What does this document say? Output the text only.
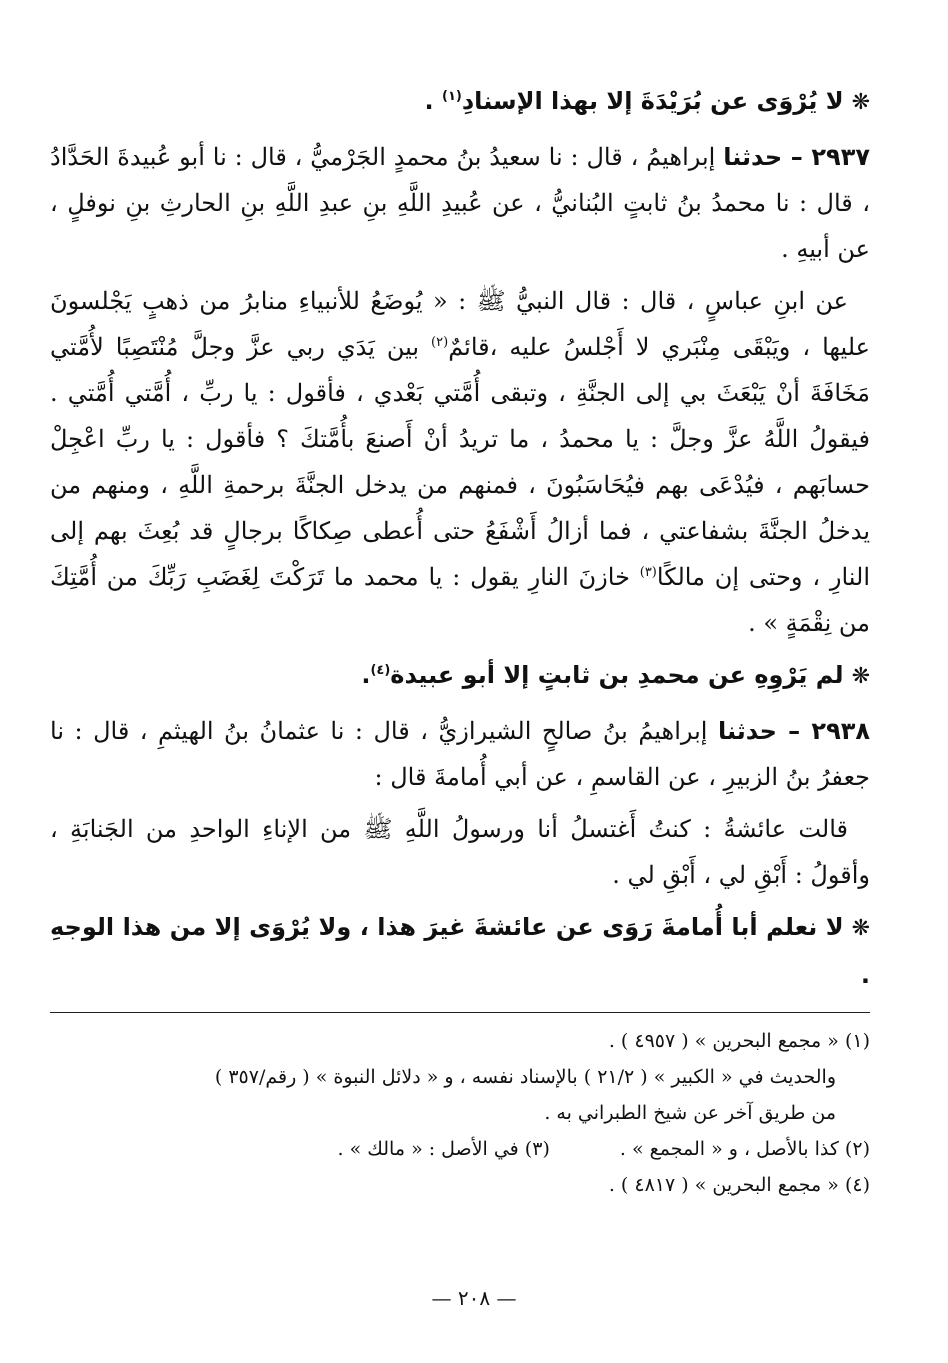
❋لا يُرْوَى عن بُرَيْدَةَ إلا بهذا الإسنادِ$^{(١)}$ .

٢٩٣٧ – حدثنا إبراهيمُ ، قال : نا سعيدُ بنُ محمدٍ الجَرْميُّ ، قال : نا أبو عُبيدةَ الحَدَّادُ ، قال : نا محمدُ بنُ ثابتٍ البُنانيُّ ، عن عُبيدِ اللَّهِ بنِ عبدِ اللَّهِ بنِ الحارثِ بنِ نوفلٍ ، عن أبيهِ .

عن ابنِ عباسٍ ، قال : قال النبيُّ ﷺ : « يُوضَعُ للأنبياءِ منابرُ من ذهبٍ يَجْلسونَ عليها ، ويَبْقَى مِنْبَري لا أَجْلسُ عليه ،قائمٌ$^{(٢)}$ بين يَدَي ربي عزَّ وجلَّ مُنْتَصِبًا لأُمَّتي مَخَافَةَ أنْ يَبْعَثَ بي إلى الجنَّةِ ، وتبقى أُمَّتي بَعْدي ، فأقول : يا ربِّ ، أُمَّتي أُمَّتي . فيقولُ اللَّهُ عزَّ وجلَّ : يا محمدُ ، ما تريدُ أنْ أَصنعَ بأُمَّتكَ ؟ فأقول : يا ربِّ اعْجِلْ حسابَهم ، فيُدْعَى بهم فيُحَاسَبُونَ ، فمنهم من يدخل الجنَّةَ برحمةِ اللَّهِ ، ومنهم من يدخلُ الجنَّةَ بشفاعتي ، فما أزالُ أَشْفَعُ حتى أُعطى صِكاكًا برجالٍ قد بُعِثَ بهم إلى النارِ ، وحتى إن مالكًا$^{(٣)}$ خازنَ النارِ يقول : يا محمد ما تَرَكْتَ لِغَضَبِ رَبِّكَ من أُمَّتِكَ من نِقْمَةٍ » .

❋لم يَرْوِهِ عن محمدِ بن ثابتٍ إلا أبو عبيدة$^{(٤)}$.

٢٩٣٨ – حدثنا إبراهيمُ بنُ صالحٍ الشيرازيُّ ، قال : نا عثمانُ بنُ الهيثمِ ، قال : نا جعفرُ بنُ الزبيرِ ، عن القاسمِ ، عن أبي أُمامةَ قال :

قالت عائشةُ : كنتُ أَغتسلُ أنا ورسولُ اللَّهِ ﷺ من الإناءِ الواحدِ من الجَنابَةِ ، وأقولُ : أَبْقِ لي ، أَبْقِ لي .

❋لا نعلم أبا أُمامةَ رَوَى عن عائشةَ غيرَ هذا ، ولا يُرْوَى إلا من هذا الوجهِ .

(١) « مجمع البحرين » ( ٤٩٥٧ ) .

والحديث في « الكبير » ( ٢١/٢ ) بالإسناد نفسه ، و « دلائل النبوة » ( رقم/٣٥٧ )

من طريق آخر عن شيخ الطبراني به .

(٢) كذا بالأصل ، و « المجمع » .

(٣) في الأصل : « مالك » .

(٤) « مجمع البحرين » ( ٤٨١٧ ) .

— ٢٠٨ —
